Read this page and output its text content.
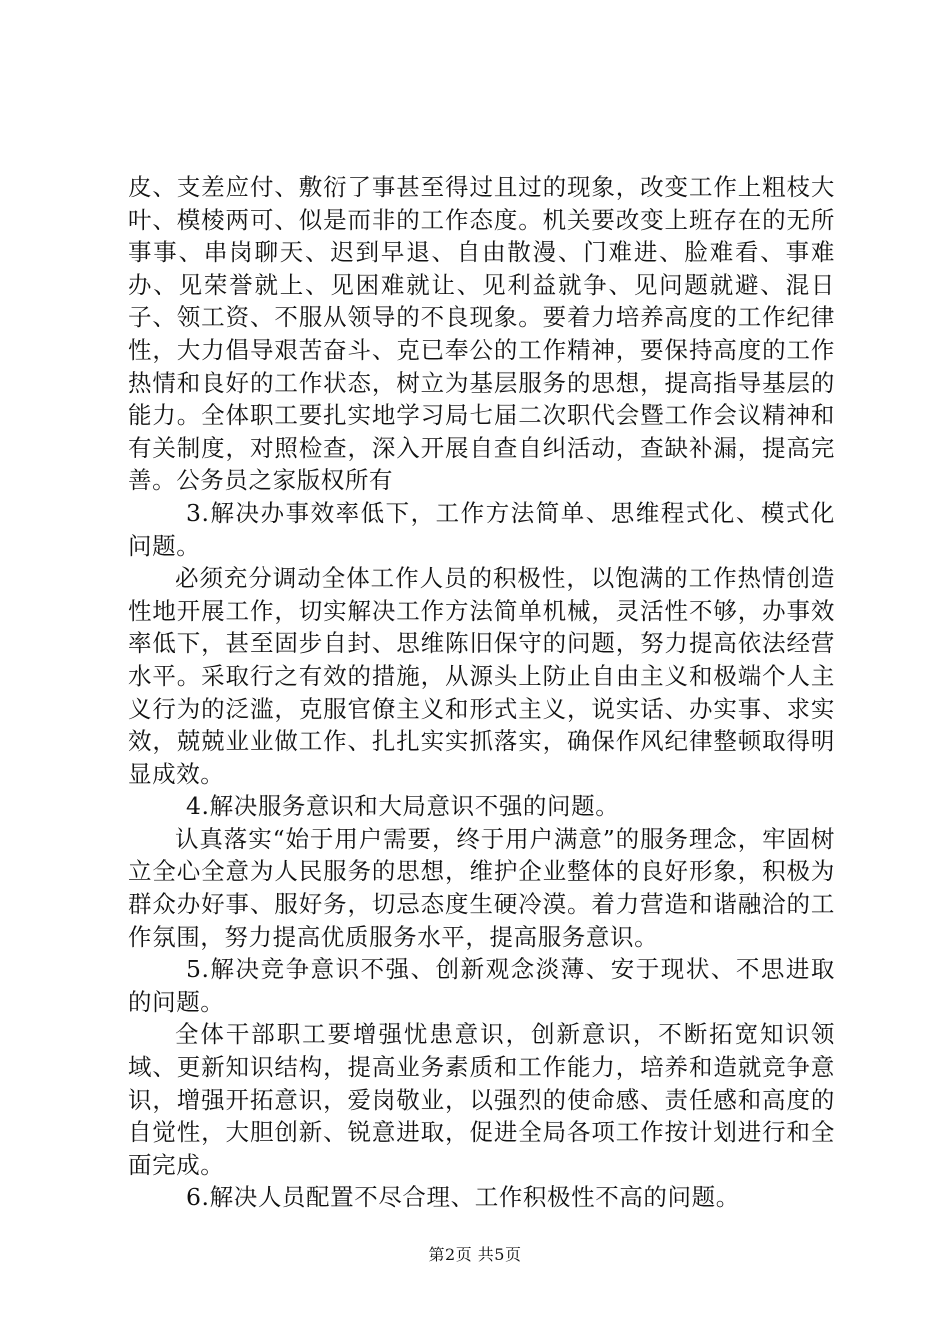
皮、支差应付、敷衍了事甚至得过且过的现象，改变工作上粗枝大叶、模棱两可、似是而非的工作态度。机关要改变上班存在的无所事事、串岗聊天、迟到早退、自由散漫、门难进、脸难看、事难办、见荣誉就上、见困难就让、见利益就争、见问题就避、混日子、领工资、不服从领导的不良现象。要着力培养高度的工作纪律性，大力倡导艰苦奋斗、克已奉公的工作精神，要保持高度的工作热情和良好的工作状态，树立为基层服务的思想，提高指导基层的能力。全体职工要扎实地学习局七届二次职代会暨工作会议精神和有关制度，对照检查，深入开展自查自纠活动，查缺补漏，提高完善。公务员之家版权所有

3.解决办事效率低下，工作方法简单、思维程式化、模式化问题。

必须充分调动全体工作人员的积极性，以饱满的工作热情创造性地开展工作，切实解决工作方法简单机械，灵活性不够，办事效率低下，甚至固步自封、思维陈旧保守的问题，努力提高依法经营水平。采取行之有效的措施，从源头上防止自由主义和极端个人主义行为的泛滥，克服官僚主义和形式主义，说实话、办实事、求实效，兢兢业业做工作、扎扎实实抓落实，确保作风纪律整顿取得明显成效。

4.解决服务意识和大局意识不强的问题。

认真落实“始于用户需要，终于用户满意”的服务理念，牢固树立全心全意为人民服务的思想，维护企业整体的良好形象，积极为群众办好事、服好务，切忌态度生硬冷漠。着力营造和谐融洽的工作氛围，努力提高优质服务水平，提高服务意识。

5.解决竞争意识不强、创新观念淡薄、安于现状、不思进取的问题。

全体干部职工要增强忧患意识，创新意识，不断拓宽知识领域、更新知识结构，提高业务素质和工作能力，培养和造就竞争意识，增强开拓意识，爱岗敬业，以强烈的使命感、责任感和高度的自觉性，大胆创新、锐意进取，促进全局各项工作按计划进行和全面完成。

6.解决人员配置不尽合理、工作积极性不高的问题。

第2页 共5页
